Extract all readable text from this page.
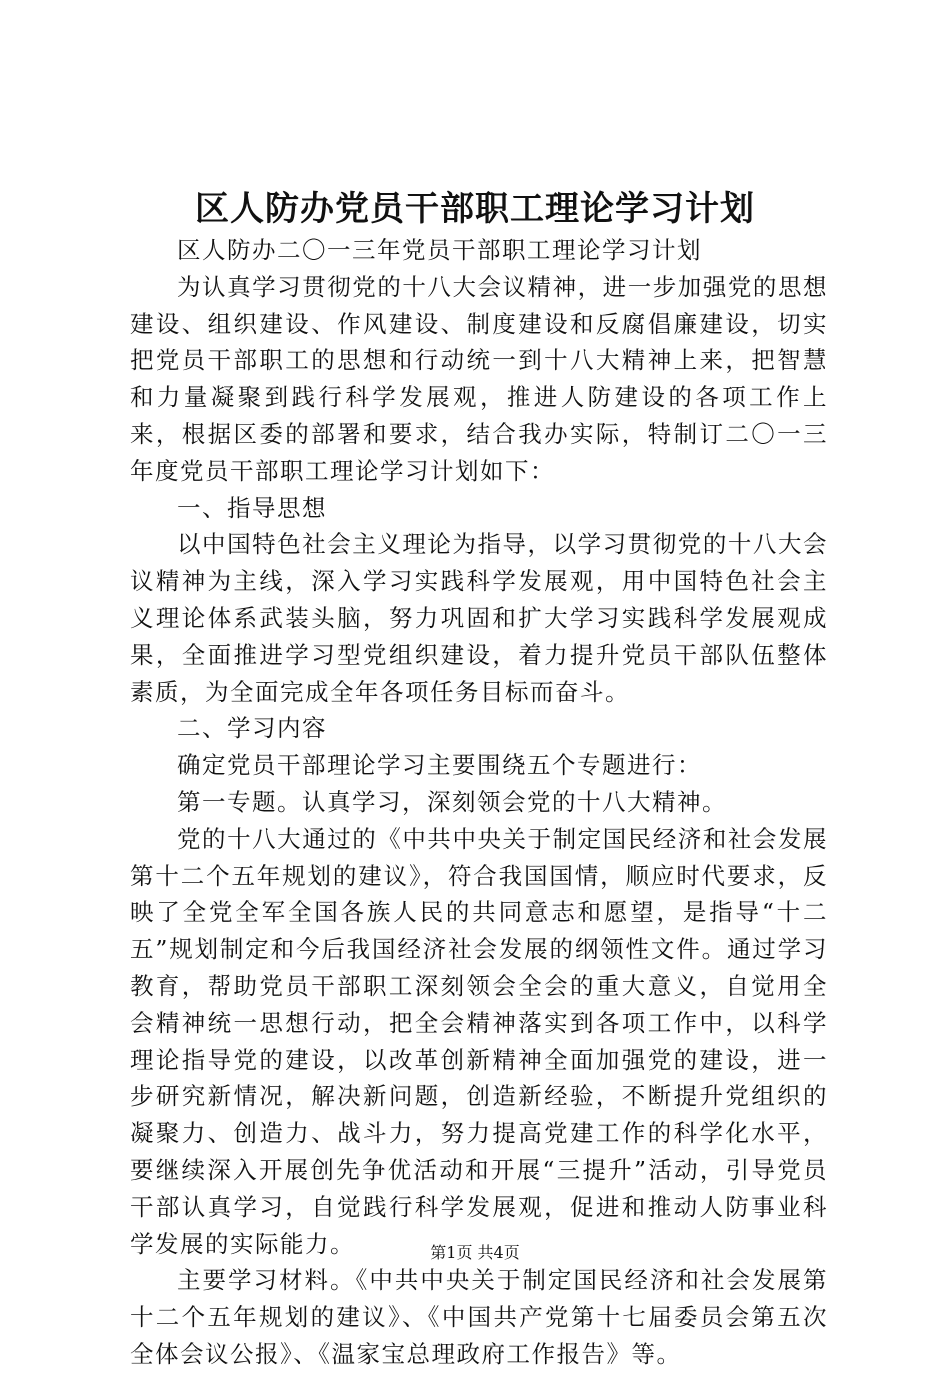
区人防办党员干部职工理论学习计划

区人防办二〇一三年党员干部职工理论学习计划

为认真学习贯彻党的十八大会议精神，进一步加强党的思想建设、组织建设、作风建设、制度建设和反腐倡廉建设，切实把党员干部职工的思想和行动统一到十八大精神上来，把智慧和力量凝聚到践行科学发展观，推进人防建设的各项工作上来，根据区委的部署和要求，结合我办实际，特制订二〇一三年度党员干部职工理论学习计划如下：

一、指导思想

以中国特色社会主义理论为指导，以学习贯彻党的十八大会议精神为主线，深入学习实践科学发展观，用中国特色社会主义理论体系武装头脑，努力巩固和扩大学习实践科学发展观成果，全面推进学习型党组织建设，着力提升党员干部队伍整体素质，为全面完成全年各项任务目标而奋斗。

二、学习内容

确定党员干部理论学习主要围绕五个专题进行：

第一专题。认真学习，深刻领会党的十八大精神。

党的十八大通过的《中共中央关于制定国民经济和社会发展第十二个五年规划的建议》，符合我国国情，顺应时代要求，反映了全党全军全国各族人民的共同意志和愿望，是指导“十二五”规划制定和今后我国经济社会发展的纲领性文件。通过学习教育，帮助党员干部职工深刻领会全会的重大意义，自觉用全会精神统一思想行动，把全会精神落实到各项工作中，以科学理论指导党的建设，以改革创新精神全面加强党的建设，进一步研究新情况，解决新问题，创造新经验，不断提升党组织的凝聚力、创造力、战斗力，努力提高党建工作的科学化水平，要继续深入开展创先争优活动和开展“三提升”活动，引导党员干部认真学习，自觉践行科学发展观，促进和推动人防事业科学发展的实际能力。

主要学习材料。《中共中央关于制定国民经济和社会发展第十二个五年规划的建议》、《中国共产党第十七届委员会第五次全体会议公报》、《温家宝总理政府工作报告》等。

第1页 共4页
